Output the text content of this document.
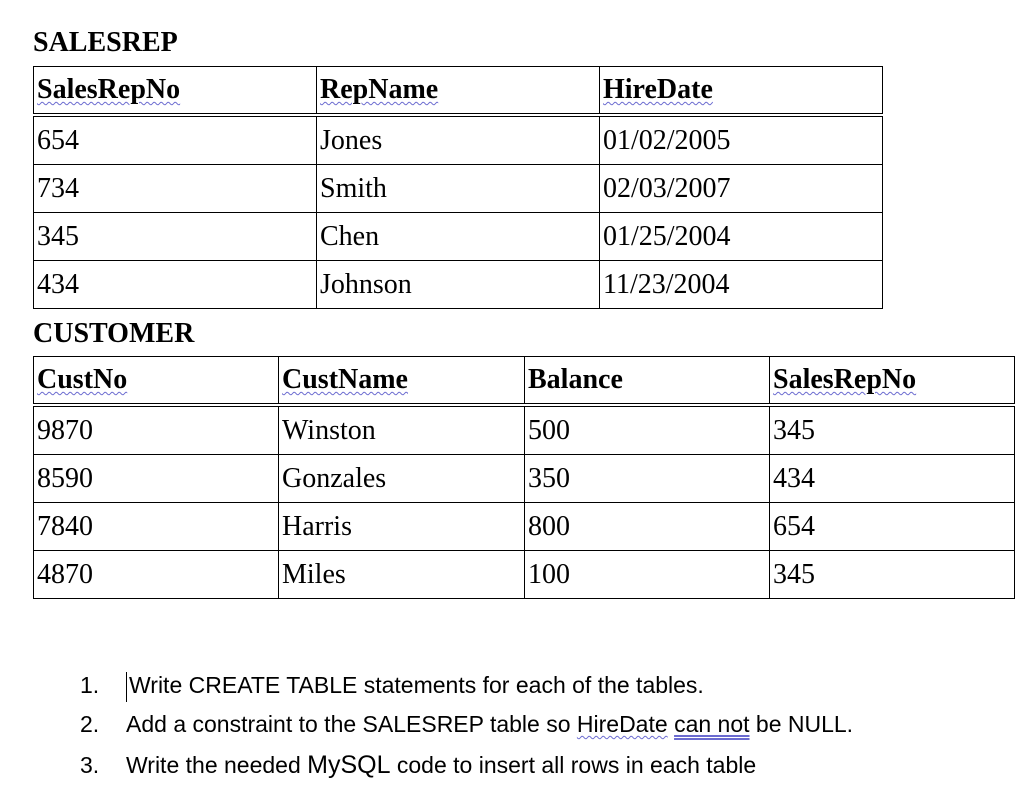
SALESREP
SalesRepNo	RepName	HireDate
654	Jones	01/02/2005
734	Smith	02/03/2007
345	Chen	01/25/2004
434	Johnson	11/23/2004
CUSTOMER
CustNo	CustName	Balance	SalesRepNo
9870	Winston	500	345
8590	Gonzales	350	434
7840	Harris	800	654
4870	Miles	100	345
1. Write CREATE TABLE statements for each of the tables.
2. Add a constraint to the SALESREP table so HireDate can not be NULL.
3. Write the needed MySQL code to insert all rows in each table
